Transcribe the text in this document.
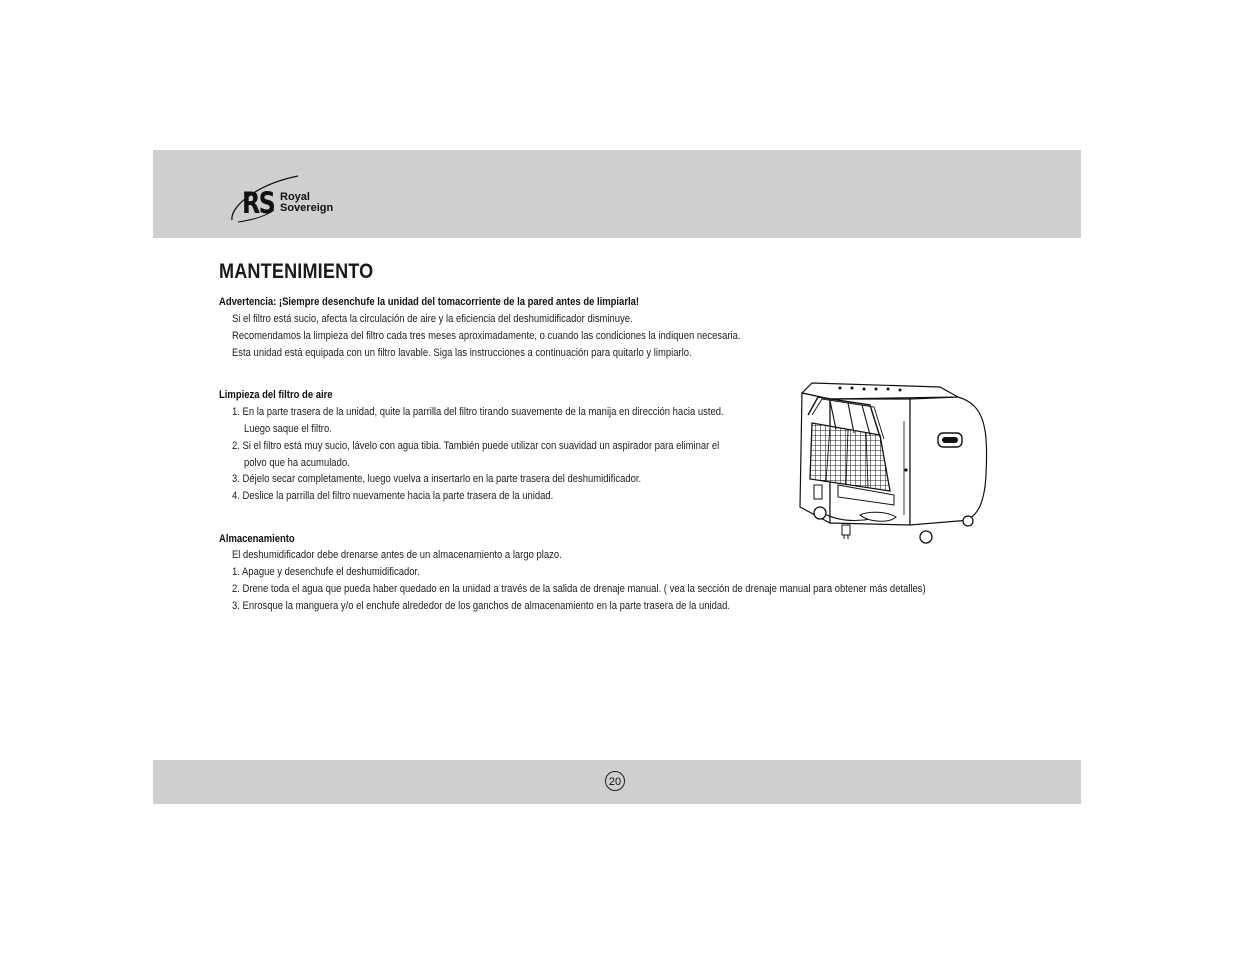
RS Royal
Sovereign
MANTENIMIENTO
Advertencia: ¡Siempre desenchufe la unidad del tomacorriente de la pared antes de limpiarla!
Si el filtro está sucio, afecta la circulación de aire y la eficiencia del deshumidificador disminuye.
Recomendamos la limpieza del filtro cada tres meses aproximadamente, o cuando las condiciones la indiquen necesaria.
Esta unidad está equipada con un filtro lavable. Siga las instrucciones a continuación para quitarlo y limpiarlo.
Limpieza del filtro de aire
1. En la parte trasera de la unidad, quite la parrilla del filtro tirando suavemente de la manija en dirección hacia usted.
Luego saque el filtro.
2. Si el filtro está muy sucio, lávelo con agua tibia. También puede utilizar con suavidad un aspirador para eliminar el
polvo que ha acumulado.
3. Déjelo secar completamente, luego vuelva a insertarlo en la parte trasera del deshumidificador.
4. Deslice la parrilla del filtro nuevamente hacia la parte trasera de la unidad.
Almacenamiento
El deshumidificador debe drenarse antes de un almacenamiento a largo plazo.
1. Apague y desenchufe el deshumidificador.
2. Drene toda el agua que pueda haber quedado en la unidad a través de la salida de drenaje manual. ( vea la sección de drenaje manual para obtener más detalles)
3. Enrosque la manguera y/o el enchufe alrededor de los ganchos de almacenamiento en la parte trasera de la unidad.
20
